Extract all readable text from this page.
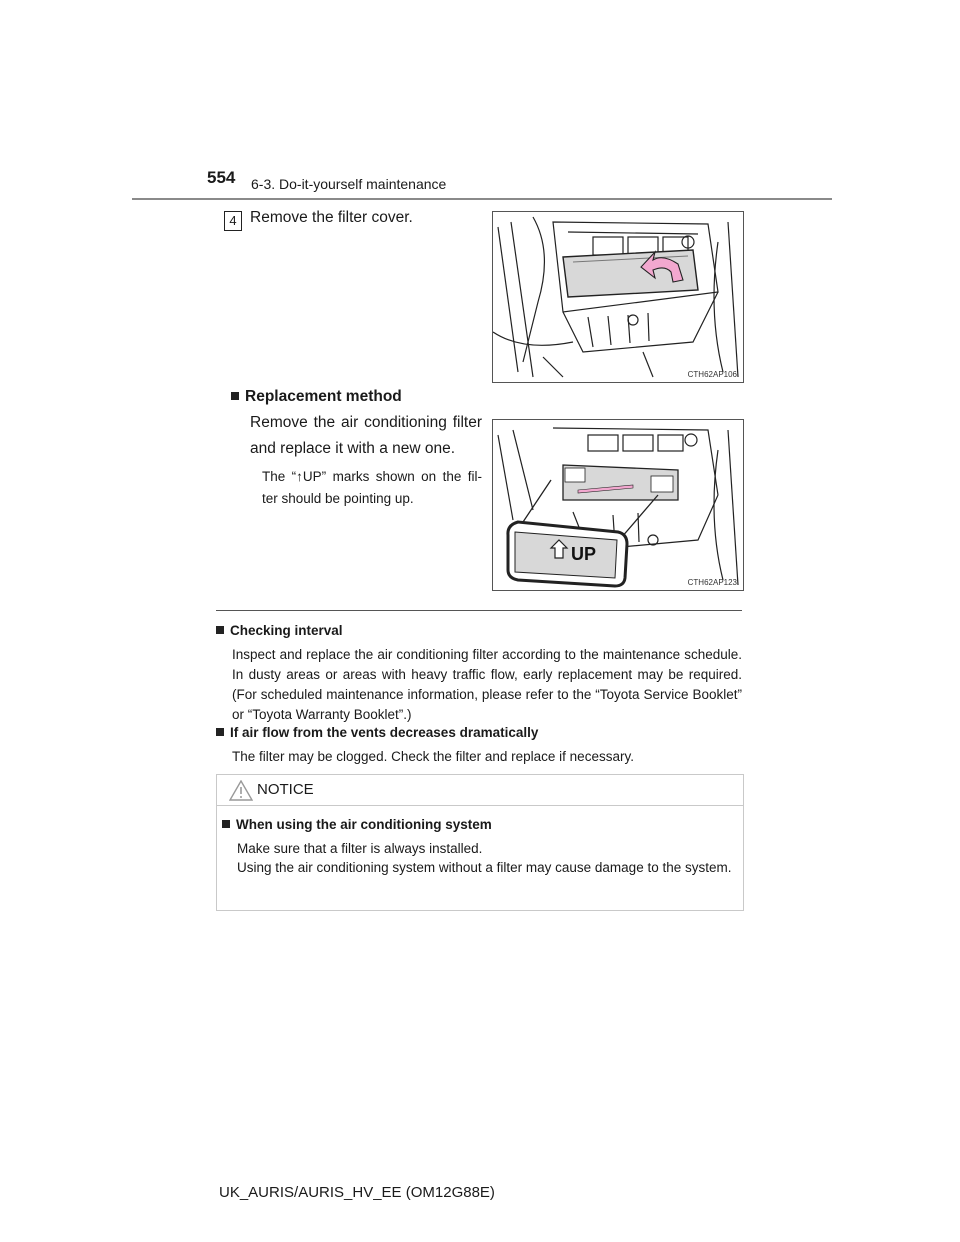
554 6-3. Do-it-yourself maintenance
4 Remove the filter cover.
CTH62AP106
Replacement method
Remove the air conditioning filter and replace it with a new one.
The “↑UP” marks shown on the fil- ter should be pointing up.
UP
CTH62AP123
Checking interval
Inspect and replace the air conditioning filter according to the maintenance schedule. In dusty areas or areas with heavy traffic flow, early replacement may be required. (For scheduled maintenance information, please refer to the “Toyota Service Booklet” or “Toyota Warranty Booklet”.)
If air flow from the vents decreases dramatically
The filter may be clogged. Check the filter and replace if necessary.
NOTICE
When using the air conditioning system
Make sure that a filter is always installed.
Using the air conditioning system without a filter may cause damage to the system.
UK_AURIS/AURIS_HV_EE (OM12G88E)
